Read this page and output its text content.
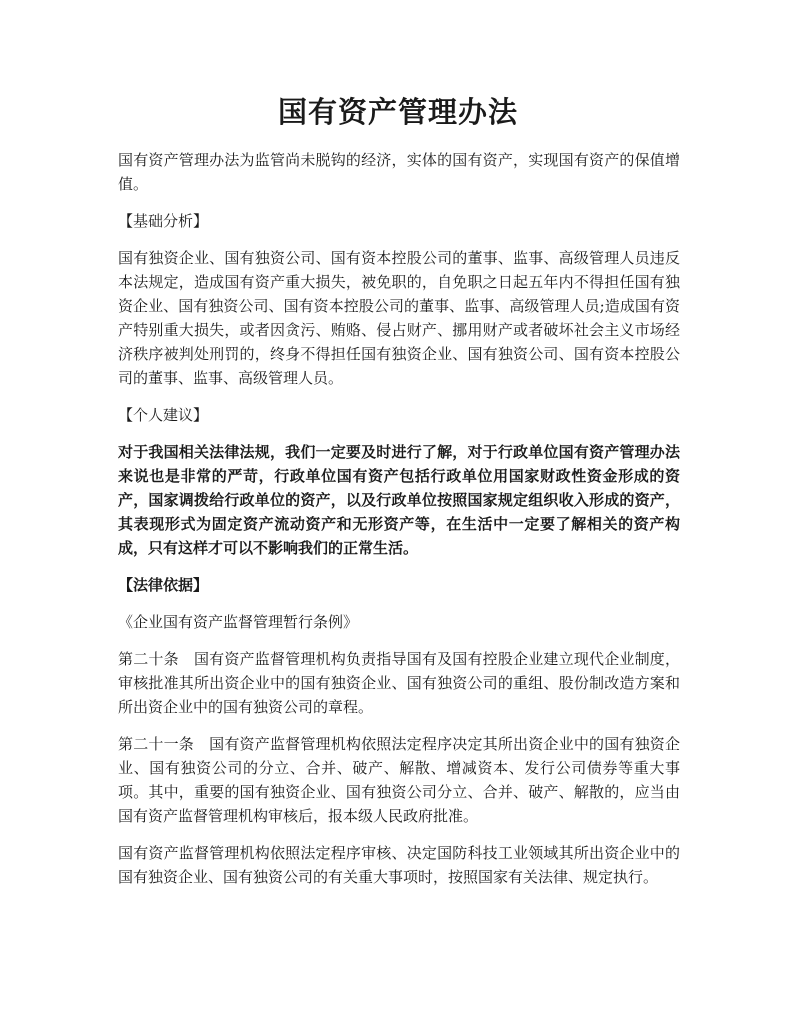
国有资产管理办法

国有资产管理办法为监管尚未脱钩的经济，实体的国有资产，实现国有资产的保值增值。

【基础分析】

国有独资企业、国有独资公司、国有资本控股公司的董事、监事、高级管理人员违反本法规定，造成国有资产重大损失，被免职的，自免职之日起五年内不得担任国有独资企业、国有独资公司、国有资本控股公司的董事、监事、高级管理人员;造成国有资产特别重大损失，或者因贪污、贿赂、侵占财产、挪用财产或者破坏社会主义市场经济秩序被判处刑罚的，终身不得担任国有独资企业、国有独资公司、国有资本控股公司的董事、监事、高级管理人员。

【个人建议】

对于我国相关法律法规，我们一定要及时进行了解，对于行政单位国有资产管理办法来说也是非常的严苛，行政单位国有资产包括行政单位用国家财政性资金形成的资产，国家调拨给行政单位的资产，以及行政单位按照国家规定组织收入形成的资产，其表现形式为固定资产流动资产和无形资产等，在生活中一定要了解相关的资产构成，只有这样才可以不影响我们的正常生活。

【法律依据】

《企业国有资产监督管理暂行条例》

第二十条　国有资产监督管理机构负责指导国有及国有控股企业建立现代企业制度，审核批准其所出资企业中的国有独资企业、国有独资公司的重组、股份制改造方案和所出资企业中的国有独资公司的章程。

第二十一条　国有资产监督管理机构依照法定程序决定其所出资企业中的国有独资企业、国有独资公司的分立、合并、破产、解散、增减资本、发行公司债券等重大事项。其中，重要的国有独资企业、国有独资公司分立、合并、破产、解散的，应当由国有资产监督管理机构审核后，报本级人民政府批准。

国有资产监督管理机构依照法定程序审核、决定国防科技工业领域其所出资企业中的国有独资企业、国有独资公司的有关重大事项时，按照国家有关法律、规定执行。
